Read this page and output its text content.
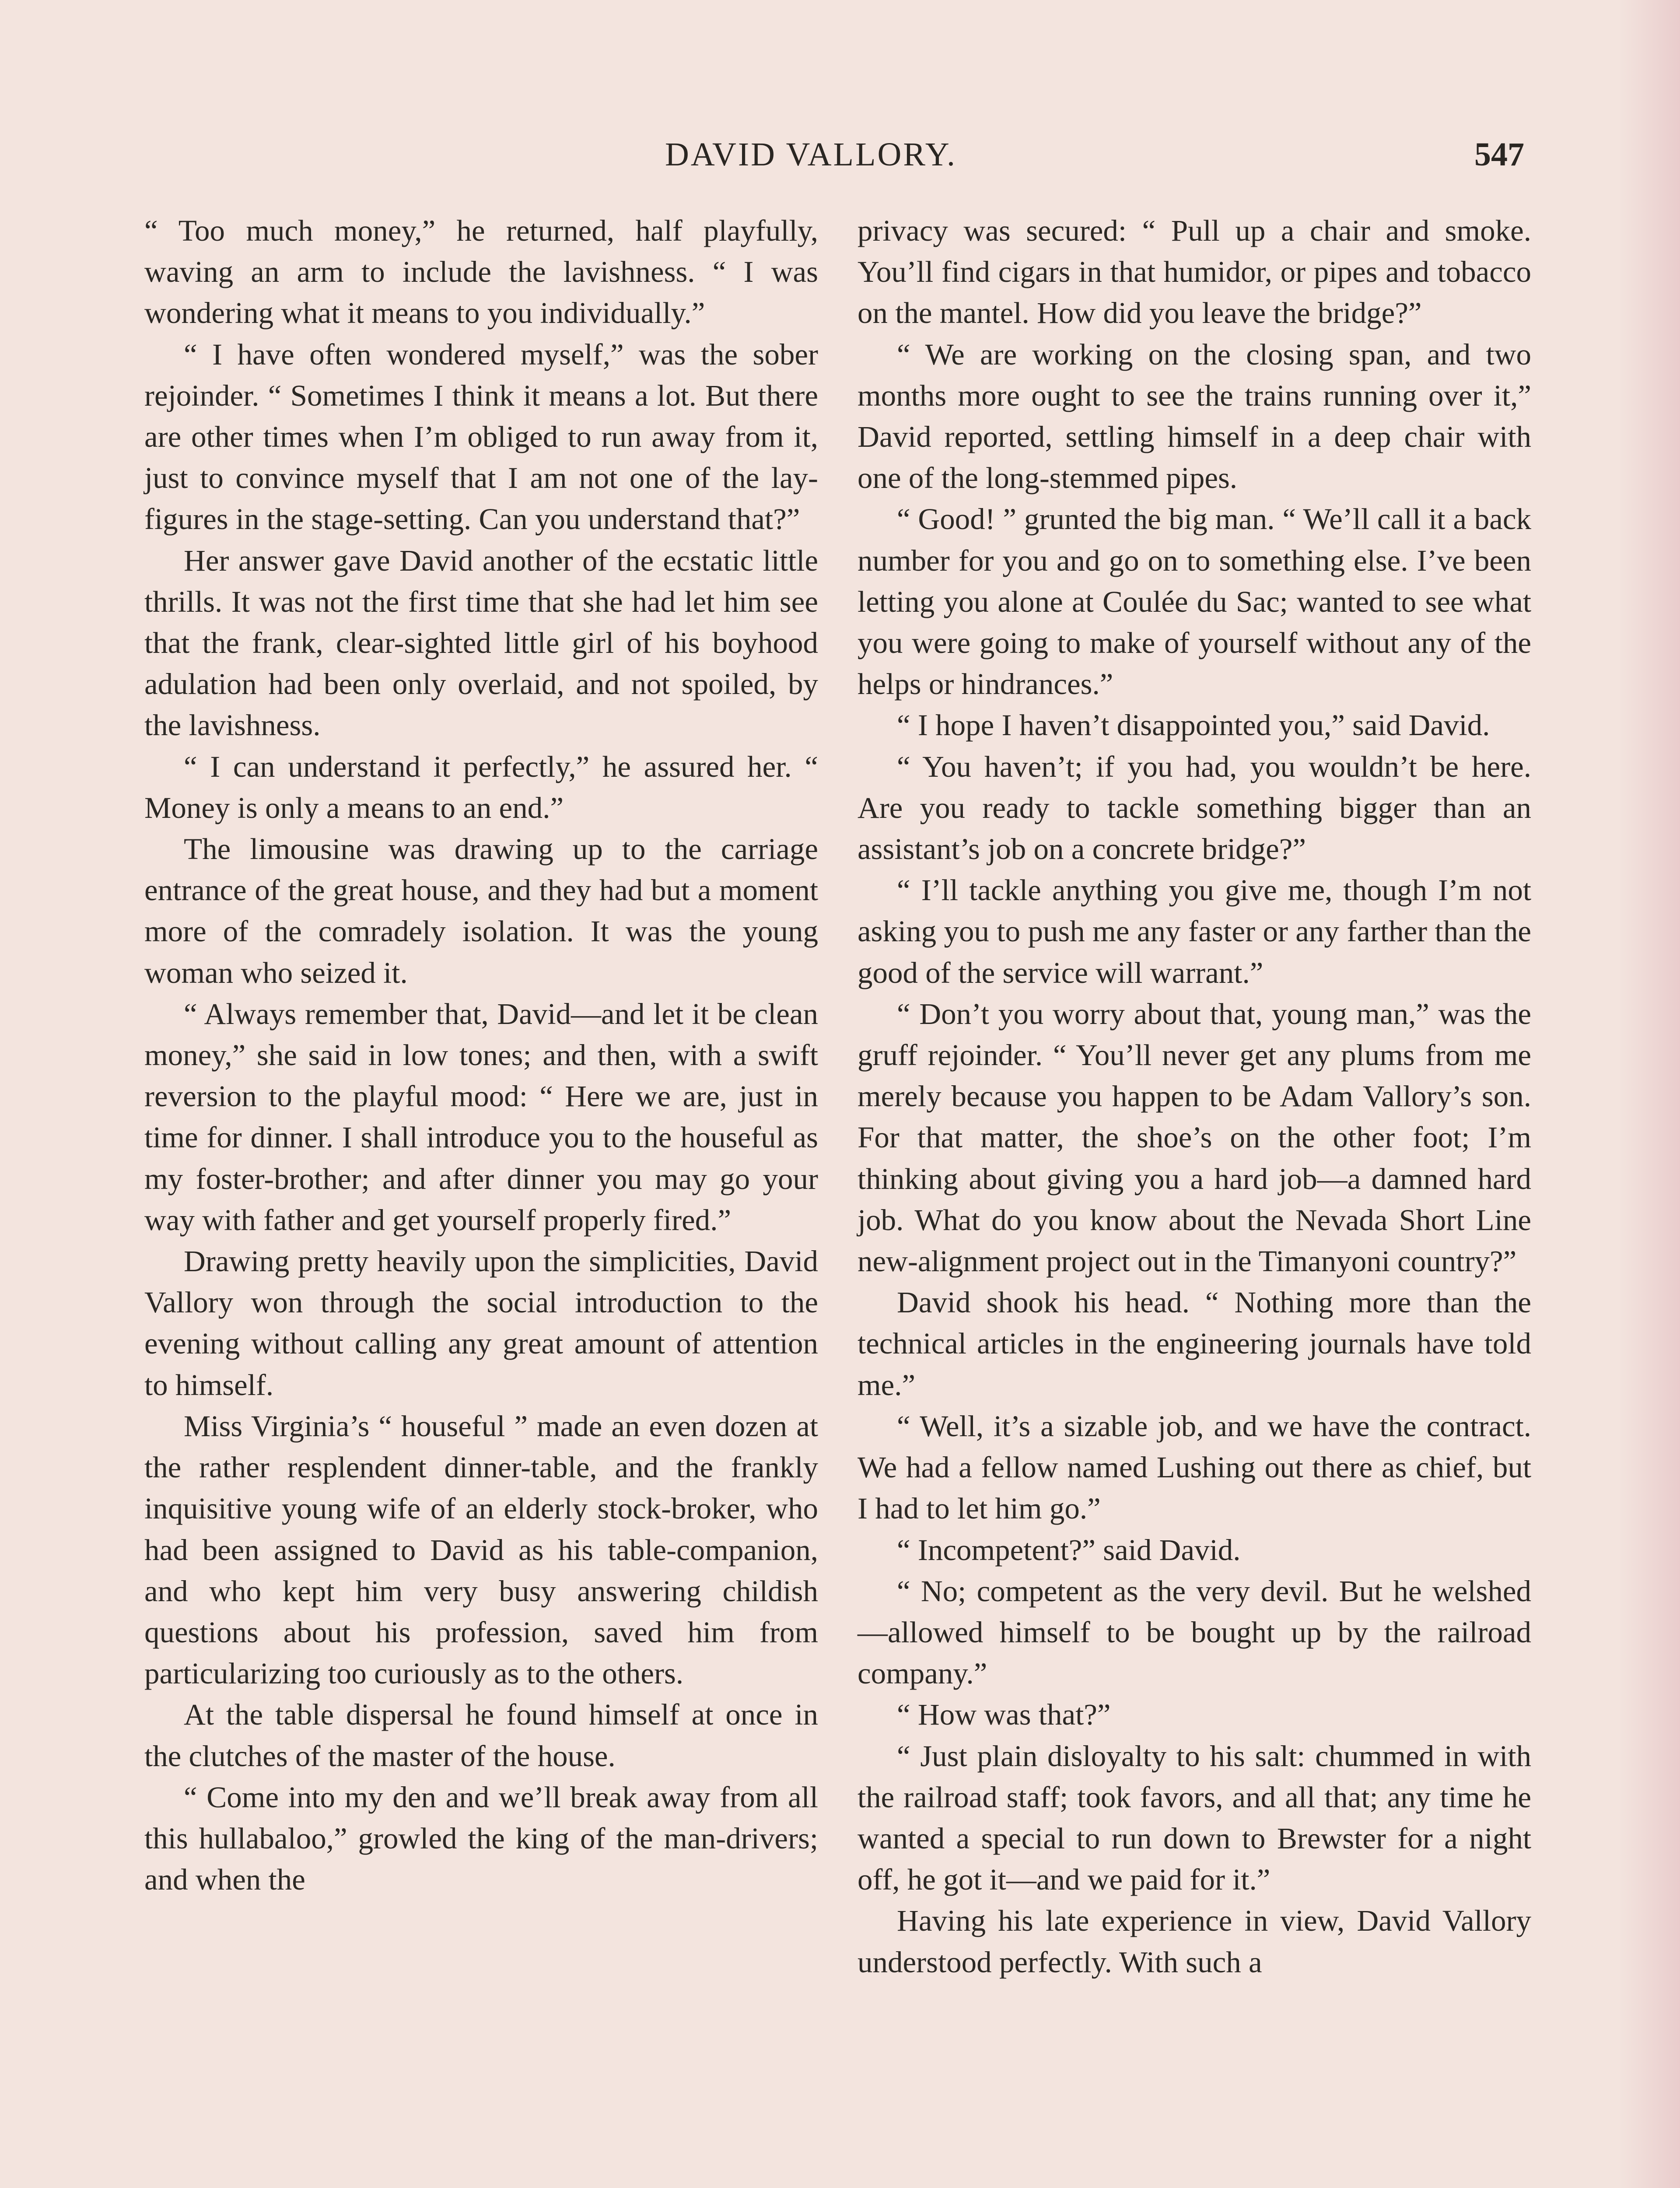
DAVID VALLORY.	547

“ Too much money,” he returned, half playfully, waving an arm to include the lavishness. “ I was wondering what it means to you individually.”

“ I have often wondered myself,” was the sober rejoinder. “ Sometimes I think it means a lot. But there are other times when I’m obliged to run away from it, just to convince myself that I am not one of the lay-figures in the stage-setting. Can you understand that?”

Her answer gave David another of the ecstatic little thrills. It was not the first time that she had let him see that the frank, clear-sighted little girl of his boyhood adulation had been only overlaid, and not spoiled, by the lavishness.

“ I can understand it perfectly,” he assured her. “ Money is only a means to an end.”

The limousine was drawing up to the carriage entrance of the great house, and they had but a moment more of the comradely isolation. It was the young woman who seized it.

“ Always remember that, David—and let it be clean money,” she said in low tones; and then, with a swift reversion to the playful mood: “ Here we are, just in time for dinner. I shall introduce you to the houseful as my foster-brother; and after dinner you may go your way with father and get yourself properly fired.”

Drawing pretty heavily upon the simplicities, David Vallory won through the social introduction to the evening without calling any great amount of attention to himself.

Miss Virginia’s “ houseful ” made an even dozen at the rather resplendent dinner-table, and the frankly inquisitive young wife of an elderly stock-broker, who had been assigned to David as his table-companion, and who kept him very busy answering childish questions about his profession, saved him from particularizing too curiously as to the others.

At the table dispersal he found himself at once in the clutches of the master of the house.

“ Come into my den and we’ll break away from all this hullabaloo,” growled the king of the man-drivers; and when the

privacy was secured: “ Pull up a chair and smoke. You’ll find cigars in that humidor, or pipes and tobacco on the mantel. How did you leave the bridge?”

“ We are working on the closing span, and two months more ought to see the trains running over it,” David reported, settling himself in a deep chair with one of the long-stemmed pipes.

“ Good! ” grunted the big man. “ We’ll call it a back number for you and go on to something else. I’ve been letting you alone at Coulée du Sac; wanted to see what you were going to make of yourself without any of the helps or hindrances.”

“ I hope I haven’t disappointed you,” said David.

“ You haven’t; if you had, you wouldn’t be here. Are you ready to tackle something bigger than an assistant’s job on a concrete bridge?”

“ I’ll tackle anything you give me, though I’m not asking you to push me any faster or any farther than the good of the service will warrant.”

“ Don’t you worry about that, young man,” was the gruff rejoinder. “ You’ll never get any plums from me merely because you happen to be Adam Vallory’s son. For that matter, the shoe’s on the other foot; I’m thinking about giving you a hard job—a damned hard job. What do you know about the Nevada Short Line new-alignment project out in the Timanyoni country?”

David shook his head. “ Nothing more than the technical articles in the engineering journals have told me.”

“ Well, it’s a sizable job, and we have the contract. We had a fellow named Lushing out there as chief, but I had to let him go.”

“ Incompetent?” said David.

“ No; competent as the very devil. But he welshed—allowed himself to be bought up by the railroad company.”

“ How was that?”

“ Just plain disloyalty to his salt: chummed in with the railroad staff; took favors, and all that; any time he wanted a special to run down to Brewster for a night off, he got it—and we paid for it.”

Having his late experience in view, David Vallory understood perfectly. With such a
